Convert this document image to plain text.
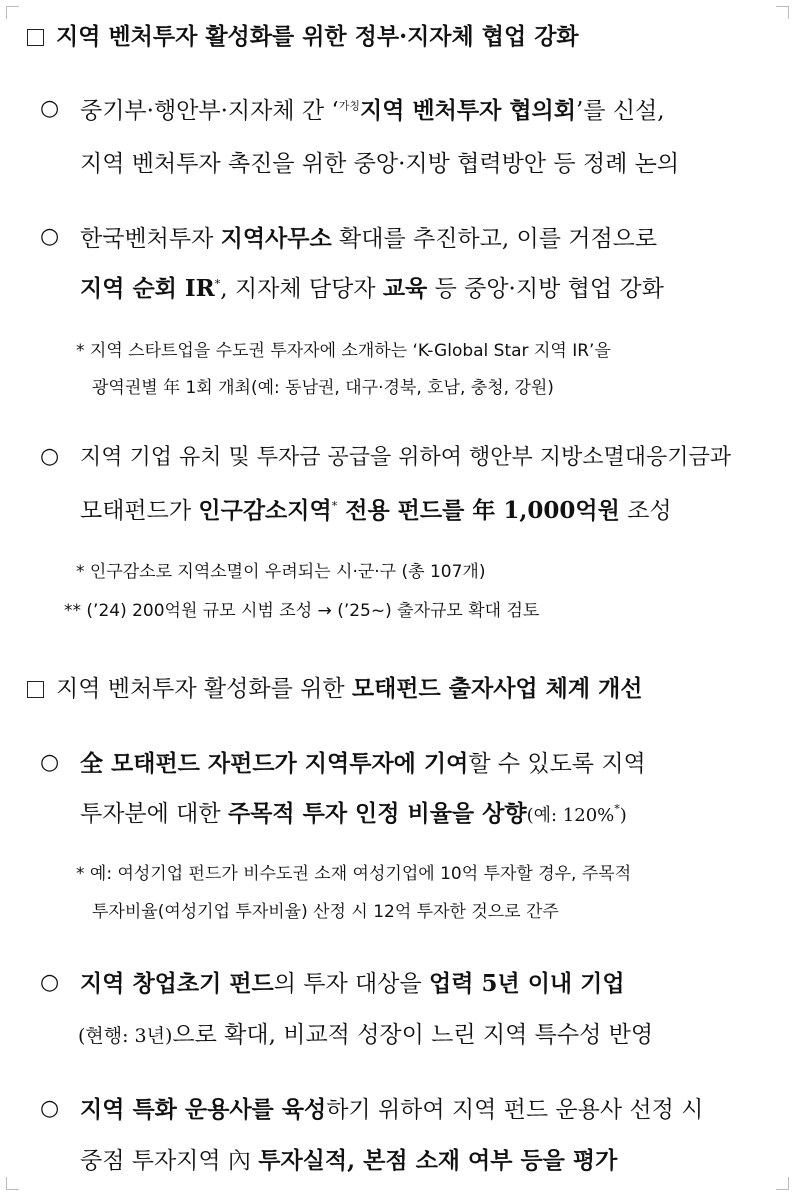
지역 벤처투자 활성화를 위한 정부·지자체 협업 강화
○ 중기부·행안부·지자체 간 ‘$^{가칭}$지역 벤처투자 협의회’를 신설,
지역 벤처투자 촉진을 위한 중앙·지방 협력방안 등 정례 논의
○ 한국벤처투자 지역사무소 확대를 추진하고, 이를 거점으로
지역 순회 IR*, 지자체 담당자 교육 등 중앙·지방 협업 강화
* 지역 스타트업을 수도권 투자자에 소개하는 ‘K-Global Star 지역 IR’을
광역권별 年 1회 개최(예: 동남권, 대구·경북, 호남, 충청, 강원)
○ 지역 기업 유치 및 투자금 공급을 위하여 행안부 지방소멸대응기금과
모태펀드가 인구감소지역* 전용 펀드를 年 1,000억원 조성
* 인구감소로 지역소멸이 우려되는 시·군·구 (총 107개)
** (’24) 200억원 규모 시범 조성 → (’25~) 출자규모 확대 검토
지역 벤처투자 활성화를 위한 모태펀드 출자사업 체계 개선
○ 全 모태펀드 자펀드가 지역투자에 기여할 수 있도록 지역
투자분에 대한 주목적 투자 인정 비율을 상향(예: 120%*)
* 예: 여성기업 펀드가 비수도권 소재 여성기업에 10억 투자할 경우, 주목적
투자비율(여성기업 투자비율) 산정 시 12억 투자한 것으로 간주
○ 지역 창업초기 펀드의 투자 대상을 업력 5년 이내 기업
(현행: 3년)으로 확대, 비교적 성장이 느린 지역 특수성 반영
○ 지역 특화 운용사를 육성하기 위하여 지역 펀드 운용사 선정 시
중점 투자지역 內 투자실적, 본점 소재 여부 등을 평가
